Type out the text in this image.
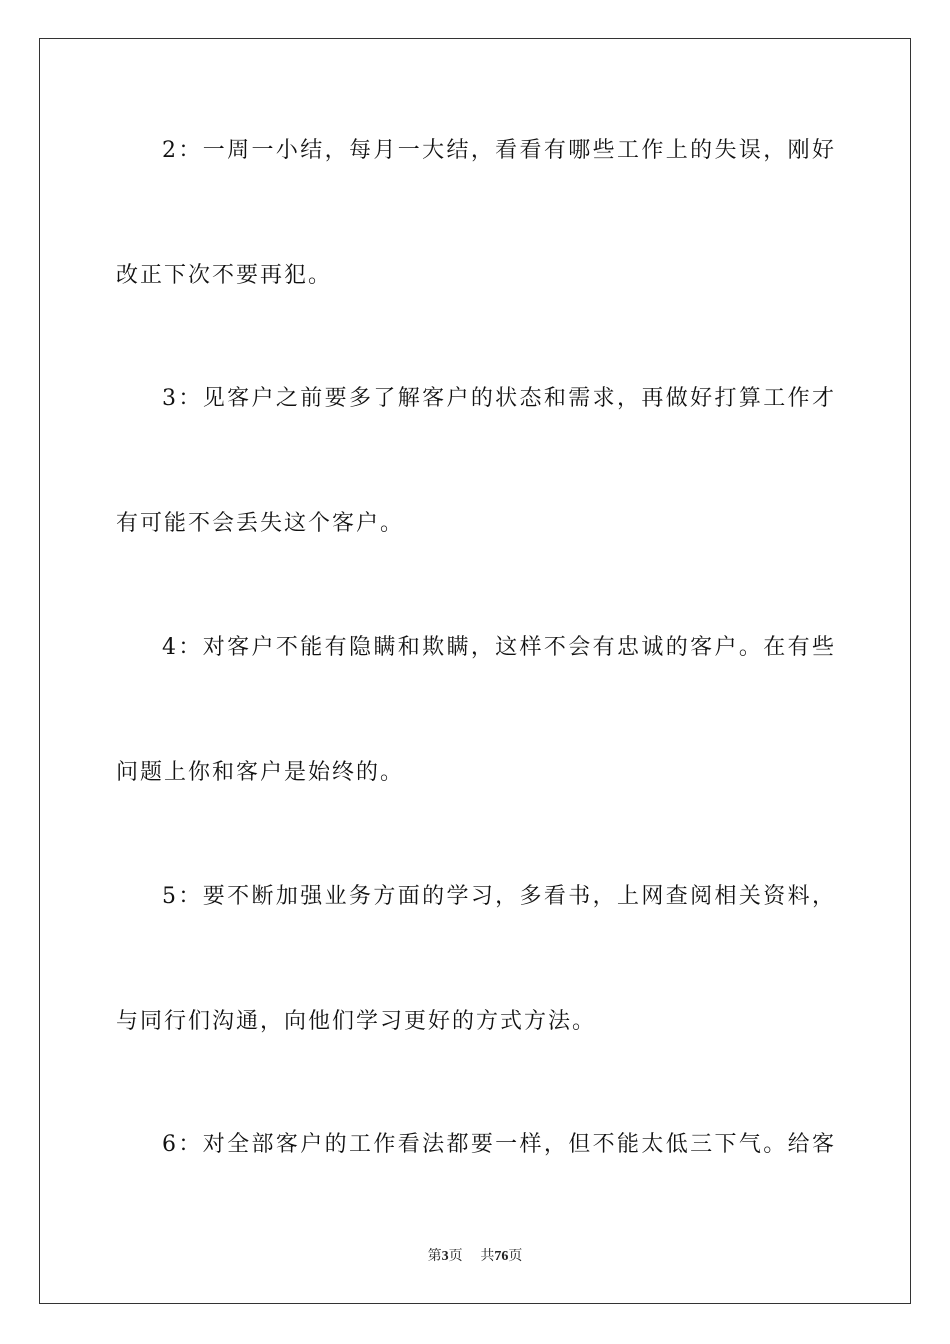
2：一周一小结，每月一大结，看看有哪些工作上的失误，刚好
改正下次不要再犯。
3：见客户之前要多了解客户的状态和需求，再做好打算工作才
有可能不会丢失这个客户。
4：对客户不能有隐瞒和欺瞒，这样不会有忠诚的客户。在有些
问题上你和客户是始终的。
5：要不断加强业务方面的学习，多看书，上网查阅相关资料，
与同行们沟通，向他们学习更好的方式方法。
6：对全部客户的工作看法都要一样，但不能太低三下气。给客
第3页 共76页
